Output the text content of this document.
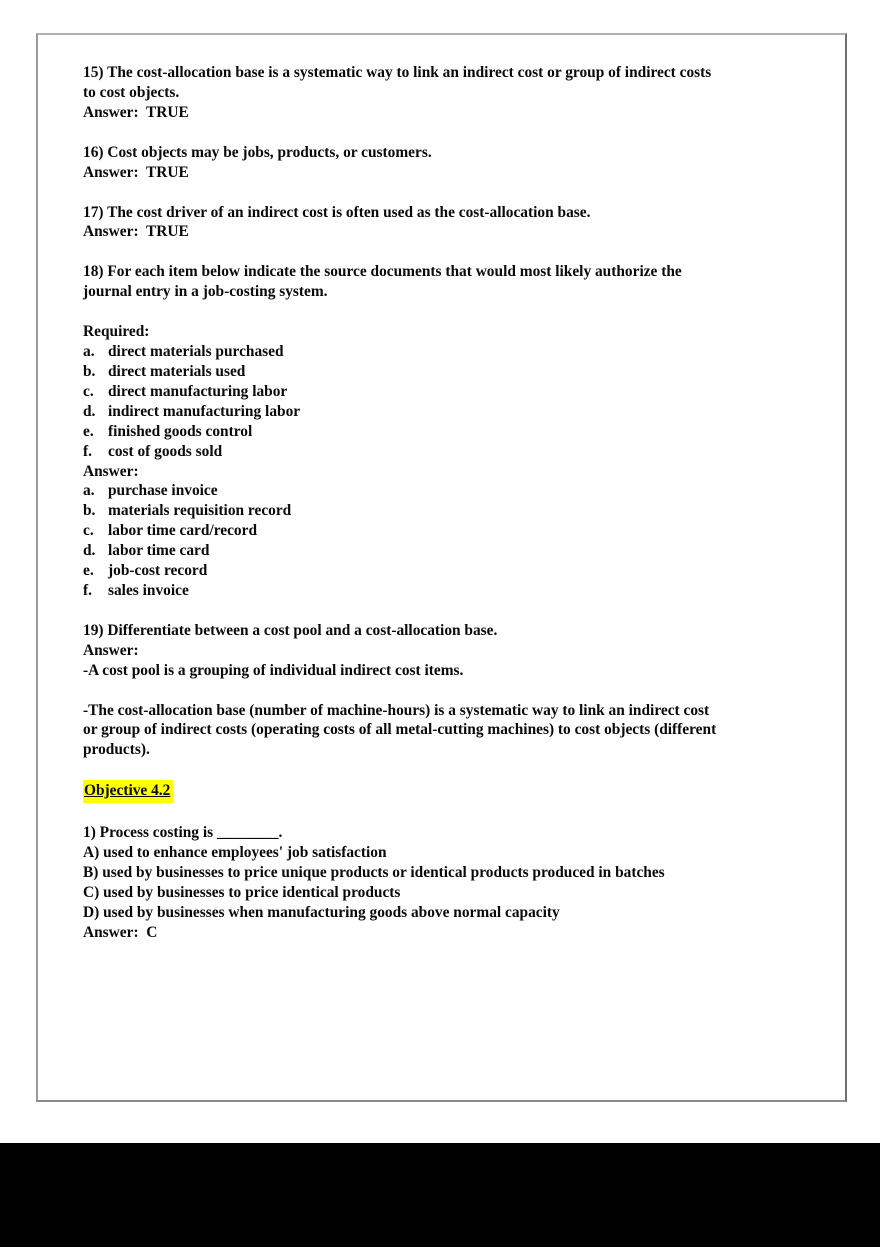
15) The cost-allocation base is a systematic way to link an indirect cost or group of indirect costs
to cost objects.
Answer:  TRUE
16) Cost objects may be jobs, products, or customers.
Answer:  TRUE
17) The cost driver of an indirect cost is often used as the cost-allocation base.
Answer:  TRUE
18) For each item below indicate the source documents that would most likely authorize the
journal entry in a job-costing system.
Required:
a. direct materials purchased
b. direct materials used
c. direct manufacturing labor
d. indirect manufacturing labor
e. finished goods control
f. cost of goods sold
Answer:
a. purchase invoice
b. materials requisition record
c. labor time card/record
d. labor time card
e. job-cost record
f. sales invoice
19) Differentiate between a cost pool and a cost-allocation base.
Answer:
-A cost pool is a grouping of individual indirect cost items.
-The cost-allocation base (number of machine-hours) is a systematic way to link an indirect cost
or group of indirect costs (operating costs of all metal-cutting machines) to cost objects (different
products).
Objective 4.2
1) Process costing is ________.
A) used to enhance employees' job satisfaction
B) used by businesses to price unique products or identical products produced in batches
C) used by businesses to price identical products
D) used by businesses when manufacturing goods above normal capacity
Answer:  C
